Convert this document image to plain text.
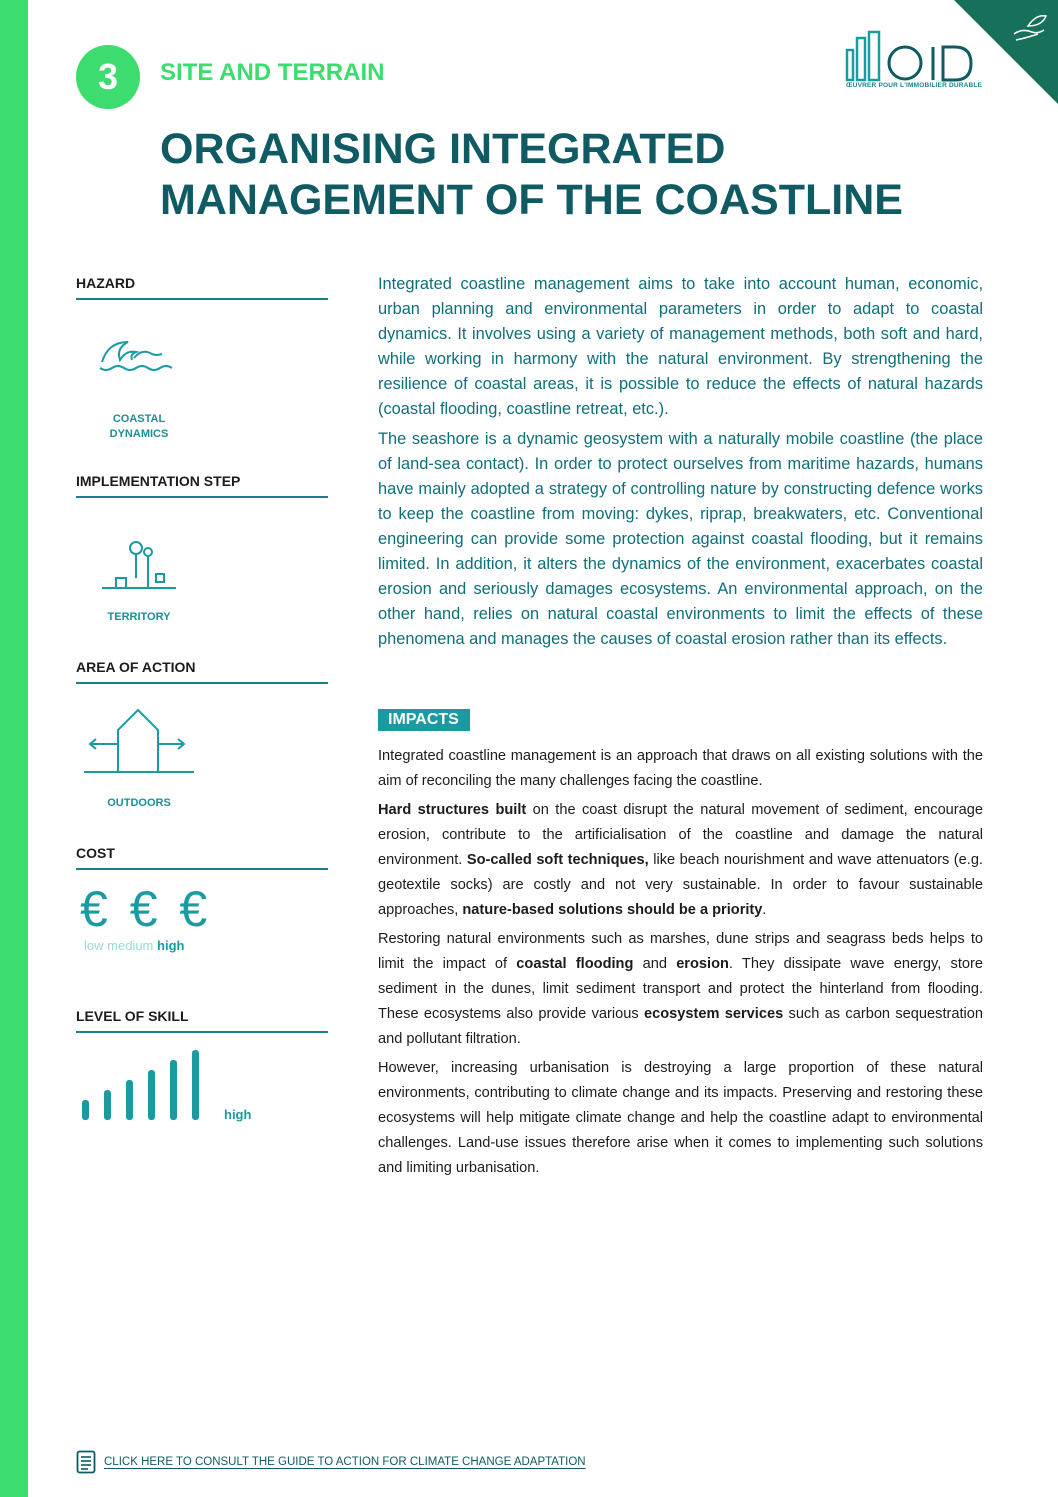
ŒUVRER POUR L'IMMOBILIER DURABLE
3	SITE AND TERRAIN
ORGANISING INTEGRATED
MANAGEMENT OF THE COASTLINE
HAZARD
COASTAL
DYNAMICS
IMPLEMENTATION STEP
TERRITORY
AREA OF ACTION
OUTDOORS
COST
€ € €
low medium high
LEVEL OF SKILL
high

Integrated coastline management aims to take into account human, economic, urban planning and environmental parameters in order to adapt to coastal dynamics. It involves using a variety of management methods, both soft and hard, while working in harmony with the natural environment. By strengthening the resilience of coastal areas, it is possible to reduce the effects of natural hazards (coastal flooding, coastline retreat, etc.).

The seashore is a dynamic geosystem with a naturally mobile coastline (the place of land-sea contact). In order to protect ourselves from maritime hazards, humans have mainly adopted a strategy of controlling nature by constructing defence works to keep the coastline from moving: dykes, riprap, breakwaters, etc. Conventional engineering can provide some protection against coastal flooding, but it remains limited. In addition, it alters the dynamics of the environment, exacerbates coastal erosion and seriously damages ecosystems. An environmental approach, on the other hand, relies on natural coastal environments to limit the effects of these phenomena and manages the causes of coastal erosion rather than its effects.

IMPACTS

Integrated coastline management is an approach that draws on all existing solutions with the aim of reconciling the many challenges facing the coastline.

Hard structures built on the coast disrupt the natural movement of sediment, encourage erosion, contribute to the artificialisation of the coastline and damage the natural environment. So-called soft techniques, like beach nourishment and wave attenuators (e.g. geotextile socks) are costly and not very sustainable. In order to favour sustainable approaches, nature-based solutions should be a priority.

Restoring natural environments such as marshes, dune strips and seagrass beds helps to limit the impact of coastal flooding and erosion. They dissipate wave energy, store sediment in the dunes, limit sediment transport and protect the hinterland from flooding. These ecosystems also provide various ecosystem services such as carbon sequestration and pollutant filtration.

However, increasing urbanisation is destroying a large proportion of these natural environments, contributing to climate change and its impacts. Preserving and restoring these ecosystems will help mitigate climate change and help the coastline adapt to environmental challenges. Land-use issues therefore arise when it comes to implementing such solutions and limiting urbanisation.

CLICK HERE TO CONSULT THE GUIDE TO ACTION FOR CLIMATE CHANGE ADAPTATION
